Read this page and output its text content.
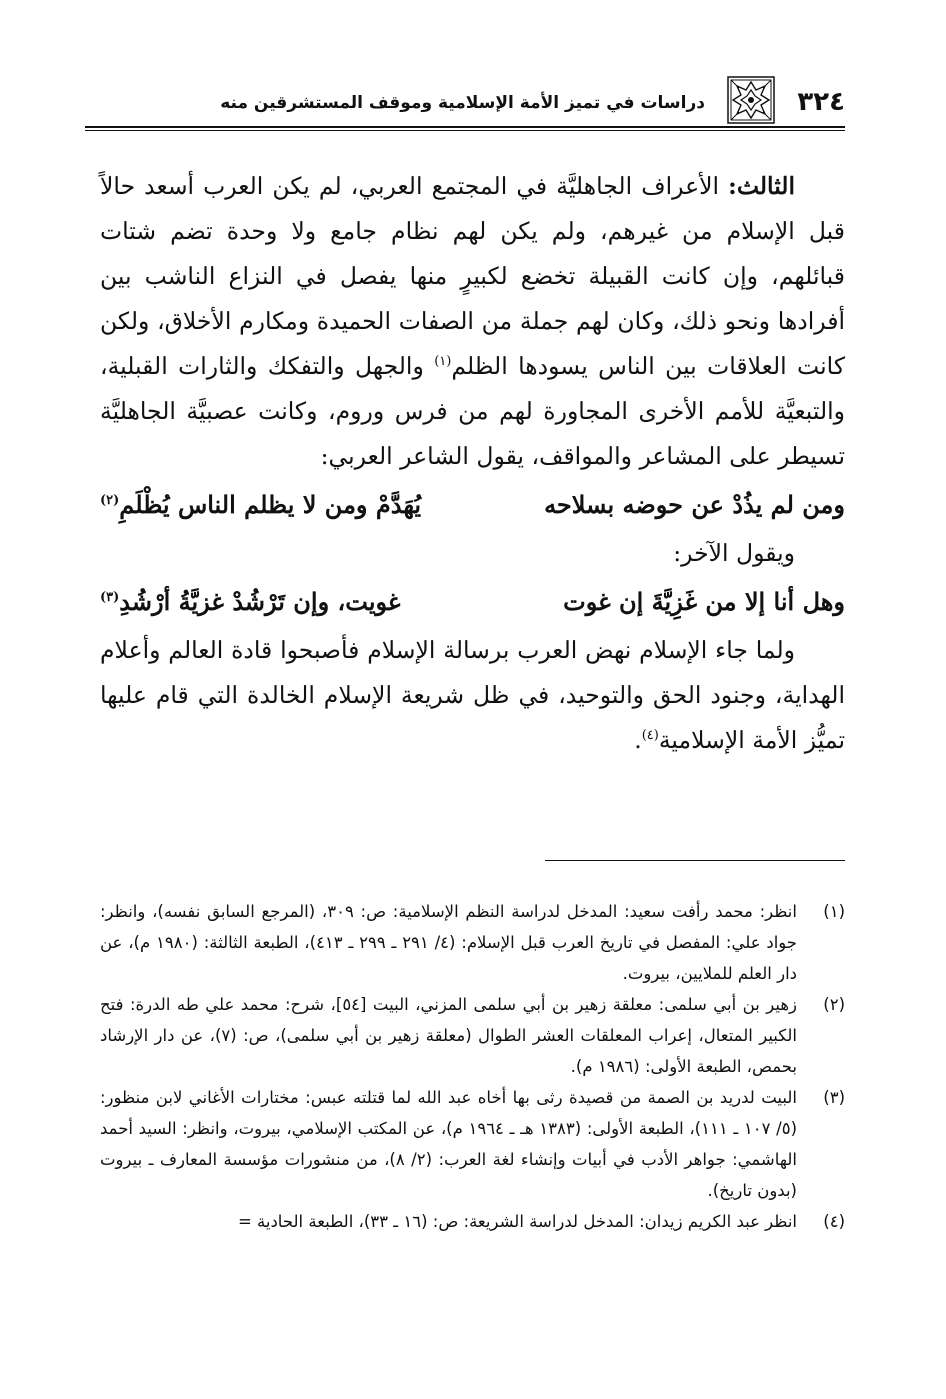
٣٢٤
دراسات في تميز الأمة الإسلامية وموقف المستشرقين منه

الثالث: الأعراف الجاهليَّة في المجتمع العربي، لم يكن العرب أسعد حالاً قبل الإسلام من غيرهم، ولم يكن لهم نظام جامع ولا وحدة تضم شتات قبائلهم، وإن كانت القبيلة تخضع لكبيرٍ منها يفصل في النزاع الناشب بين أفرادها ونحو ذلك، وكان لهم جملة من الصفات الحميدة ومكارم الأخلاق، ولكن كانت العلاقات بين الناس يسودها الظلم$^{(١)}$ والجهل والتفكك والثارات القبلية، والتبعيَّة للأمم الأخرى المجاورة لهم من فرس وروم، وكانت عصبيَّة الجاهليَّة تسيطر على المشاعر والمواقف، يقول الشاعر العربي:

ومن لم يذُدْ عن حوضه بسلاحه
يُهَدَّمْ ومن لا يظلم الناس يُظْلَمِ$^{(٢)}$

ويقول الآخر:

وهل أنا إلا من غَزِيَّةَ إن غوت
غويت، وإن تَرْشُدْ غزيَّةُ أرْشُدِ$^{(٣)}$

ولما جاء الإسلام نهض العرب برسالة الإسلام فأصبحوا قادة العالم وأعلام الهداية، وجنود الحق والتوحيد، في ظل شريعة الإسلام الخالدة التي قام عليها تميُّز الأمة الإسلامية$^{(٤)}$.

(١)
انظر: محمد رأفت سعيد: المدخل لدراسة النظم الإسلامية: ص: ٣٠٩، (المرجع السابق نفسه)، وانظر: جواد علي: المفصل في تاريخ العرب قبل الإسلام: (٤/ ٢٩١ ـ ٢٩٩ ـ ٤١٣)، الطبعة الثالثة: (١٩٨٠ م)، عن دار العلم للملايين، بيروت.
(٢)
زهير بن أبي سلمى: معلقة زهير بن أبي سلمى المزني، البيت [٥٤]، شرح: محمد علي طه الدرة: فتح الكبير المتعال، إعراب المعلقات العشر الطوال (معلقة زهير بن أبي سلمى)، ص: (٧)، عن دار الإرشاد بحمص، الطبعة الأولى: (١٩٨٦ م).
(٣)
البيت لدريد بن الصمة من قصيدة رثى بها أخاه عبد الله لما قتلته عبس: مختارات الأغاني لابن منظور: (٥/ ١٠٧ ـ ١١١)، الطبعة الأولى: (١٣٨٣ هـ ـ ١٩٦٤ م)، عن المكتب الإسلامي، بيروت، وانظر: السيد أحمد الهاشمي: جواهر الأدب في أبيات وإنشاء لغة العرب: (٢/ ٨)، من منشورات مؤسسة المعارف ـ بيروت (بدون تاريخ).
(٤)
انظر عبد الكريم زيدان: المدخل لدراسة الشريعة: ص: (١٦ ـ ٣٣)، الطبعة الحادية =
